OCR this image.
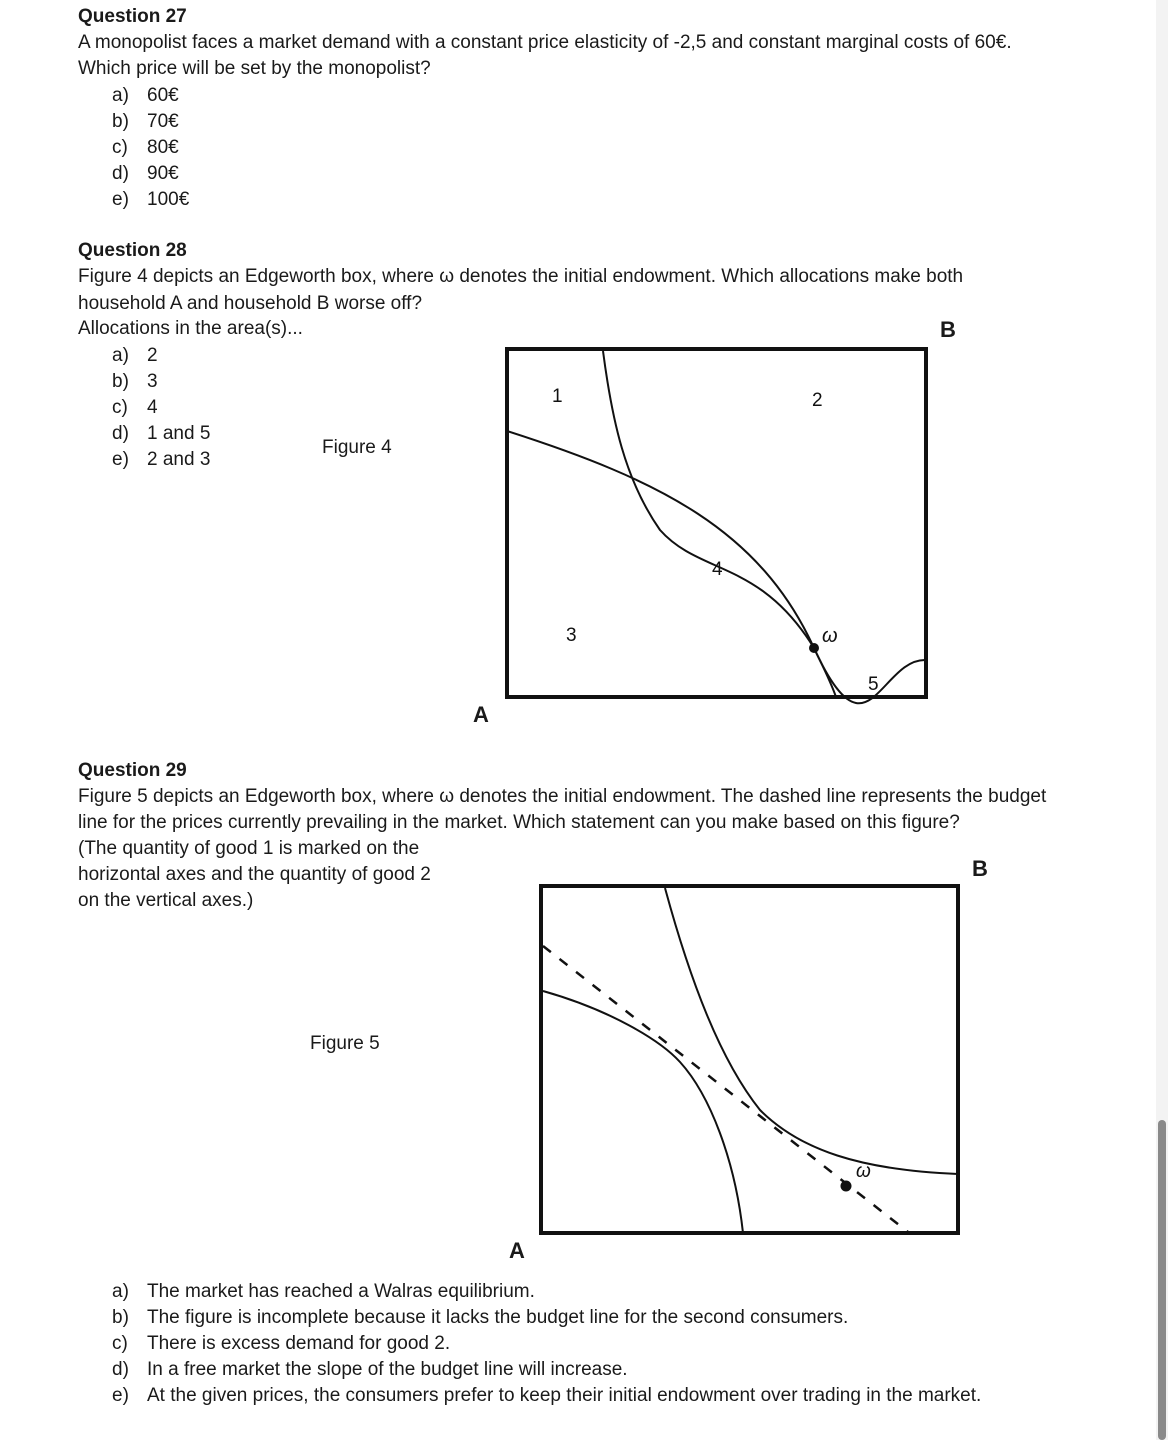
Question 27
A monopolist faces a market demand with a constant price elasticity of -2,5 and constant marginal costs of 60€.
Which price will be set by the monopolist?
a) 60€
b) 70€
c) 80€
d) 90€
e) 100€
Question 28
Figure 4 depicts an Edgeworth box, where ω denotes the initial endowment. Which allocations make both
household A and household B worse off?
Allocations in the area(s)...
a) 2
b) 3
c) 4
d) 1 and 5
e) 2 and 3
Figure 4
B
A
1	2
3
4
5
ω
Question 29
Figure 5 depicts an Edgeworth box, where ω denotes the initial endowment. The dashed line represents the budget
line for the prices currently prevailing in the market. Which statement can you make based on this figure?
(The quantity of good 1 is marked on the
horizontal axes and the quantity of good 2
on the vertical axes.)
Figure 5
B
A
ω
a) The market has reached a Walras equilibrium.
b) The figure is incomplete because it lacks the budget line for the second consumers.
c) There is excess demand for good 2.
d) In a free market the slope of the budget line will increase.
e) At the given prices, the consumers prefer to keep their initial endowment over trading in the market.
